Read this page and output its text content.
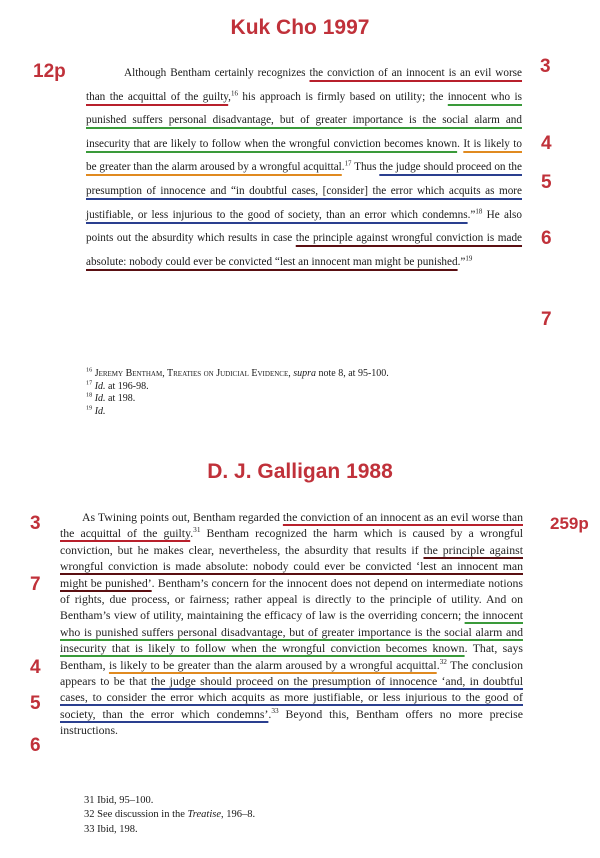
Kuk Cho 1997
12p	3
4
5
6
7

Although Bentham certainly recognizes the conviction of an innocent is an evil worse than the acquittal of the guilty,$^{16}$ his approach is firmly based on utility; the innocent who is punished suffers personal disadvantage, but of greater importance is the social alarm and insecurity that are likely to follow when the wrongful conviction becomes known. It is likely to be greater than the alarm aroused by a wrongful acquittal.$^{17}$ Thus the judge should proceed on the presumption of innocence and “in doubtful cases, [consider] the error which acquits as more justifiable, or less injurious to the good of society, than an error which condemns.”$^{18}$ He also points out the absurdity which results in case the principle against wrongful conviction is made absolute: nobody could ever be convicted “lest an innocent man might be punished.”$^{19}$

$^{16}$ Jeremy Bentham, Treaties on Judicial Evidence, supra note 8, at 95-100.
$^{17}$ Id. at 196-98.
$^{18}$ Id. at 198.
$^{19}$ Id.
D. J. Galligan 1988
259p
3
7
4
5
6

As Twining points out, Bentham regarded the conviction of an innocent as an evil worse than the acquittal of the guilty.$^{31}$ Bentham recognized the harm which is caused by a wrongful conviction, but he makes clear, nevertheless, the absurdity that results if the principle against wrongful conviction is made absolute: nobody could ever be convicted ‘lest an innocent man might be punished’. Bentham’s concern for the innocent does not depend on intermediate notions of rights, due process, or fairness; rather appeal is directly to the principle of utility. And on Bentham’s view of utility, maintaining the efficacy of law is the overriding concern; the innocent who is punished suffers personal disadvantage, but of greater importance is the social alarm and insecurity that is likely to follow when the wrongful conviction becomes known. That, says Bentham, is likely to be greater than the alarm aroused by a wrongful acquittal.$^{32}$ The conclusion appears to be that the judge should proceed on the presumption of innocence ‘and, in doubtful cases, to consider the error which acquits as more justifiable, or less injurious to the good of society, than the error which condemns’.$^{33}$ Beyond this, Bentham offers no more precise instructions.

31 Ibid, 95–100.
32 See discussion in the Treatise, 196–8.
33 Ibid, 198.
